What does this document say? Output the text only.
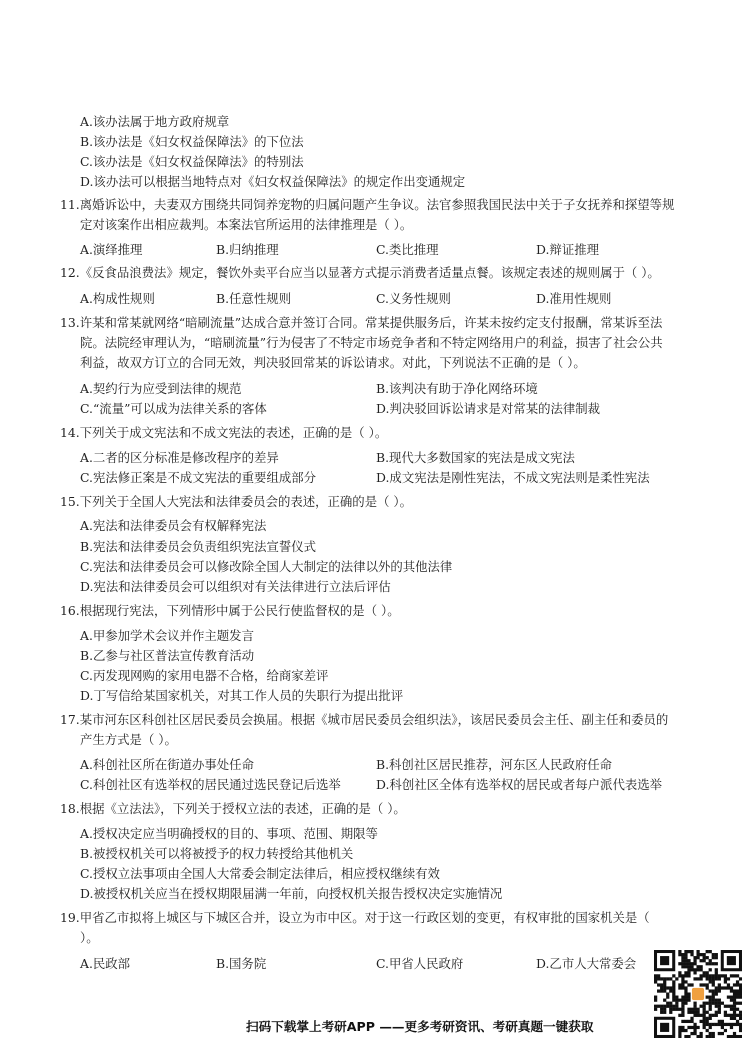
A.该办法属于地方政府规章
B.该办法是《妇女权益保障法》的下位法
C.该办法是《妇女权益保障法》的特别法
D.该办法可以根据当地特点对《妇女权益保障法》的规定作出变通规定
11.离婚诉讼中，夫妻双方围绕共同饲养宠物的归属问题产生争议。法官参照我国民法中关于子女抚养和探望等规
定对该案作出相应裁判。本案法官所运用的法律推理是（ ）。
A.演绎推理	B.归纳推理	C.类比推理	D.辩证推理
12.《反食品浪费法》规定，餐饮外卖平台应当以显著方式提示消费者适量点餐。该规定表述的规则属于（ ）。
A.构成性规则	B.任意性规则	C.义务性规则	D.准用性规则
13.许某和常某就网络“暗刷流量”达成合意并签订合同。常某提供服务后，许某未按约定支付报酬，常某诉至法
院。法院经审理认为，“暗刷流量”行为侵害了不特定市场竞争者和不特定网络用户的利益，损害了社会公共
利益，故双方订立的合同无效，判决驳回常某的诉讼请求。对此，下列说法不正确的是（ ）。
A.契约行为应受到法律的规范	B.该判决有助于净化网络环境
C.“流量”可以成为法律关系的客体	D.判决驳回诉讼请求是对常某的法律制裁
14.下列关于成文宪法和不成文宪法的表述，正确的是（ ）。
A.二者的区分标准是修改程序的差异	B.现代大多数国家的宪法是成文宪法
C.宪法修正案是不成文宪法的重要组成部分	D.成文宪法是刚性宪法，不成文宪法则是柔性宪法
15.下列关于全国人大宪法和法律委员会的表述，正确的是（ ）。
A.宪法和法律委员会有权解释宪法
B.宪法和法律委员会负责组织宪法宣誓仪式
C.宪法和法律委员会可以修改除全国人大制定的法律以外的其他法律
D.宪法和法律委员会可以组织对有关法律进行立法后评估
16.根据现行宪法，下列情形中属于公民行使监督权的是（ ）。
A.甲参加学术会议并作主题发言
B.乙参与社区普法宣传教育活动
C.丙发现网购的家用电器不合格，给商家差评
D.丁写信给某国家机关，对其工作人员的失职行为提出批评
17.某市河东区科创社区居民委员会换届。根据《城市居民委员会组织法》，该居民委员会主任、副主任和委员的
产生方式是（ ）。
A.科创社区所在街道办事处任命	B.科创社区居民推荐，河东区人民政府任命
C.科创社区有选举权的居民通过选民登记后选举	D.科创社区全体有选举权的居民或者每户派代表选举
18.根据《立法法》，下列关于授权立法的表述，正确的是（ ）。
A.授权决定应当明确授权的目的、事项、范围、期限等
B.被授权机关可以将被授予的权力转授给其他机关
C.授权立法事项由全国人大常委会制定法律后，相应授权继续有效
D.被授权机关应当在授权期限届满一年前，向授权机关报告授权决定实施情况
19.甲省乙市拟将上城区与下城区合并，设立为市中区。对于这一行政区划的变更，有权审批的国家机关是（
）。
A.民政部	B.国务院	C.甲省人民政府	D.乙市人大常委会
扫码下载掌上考研APP ——更多考研资讯、考研真题一键获取
